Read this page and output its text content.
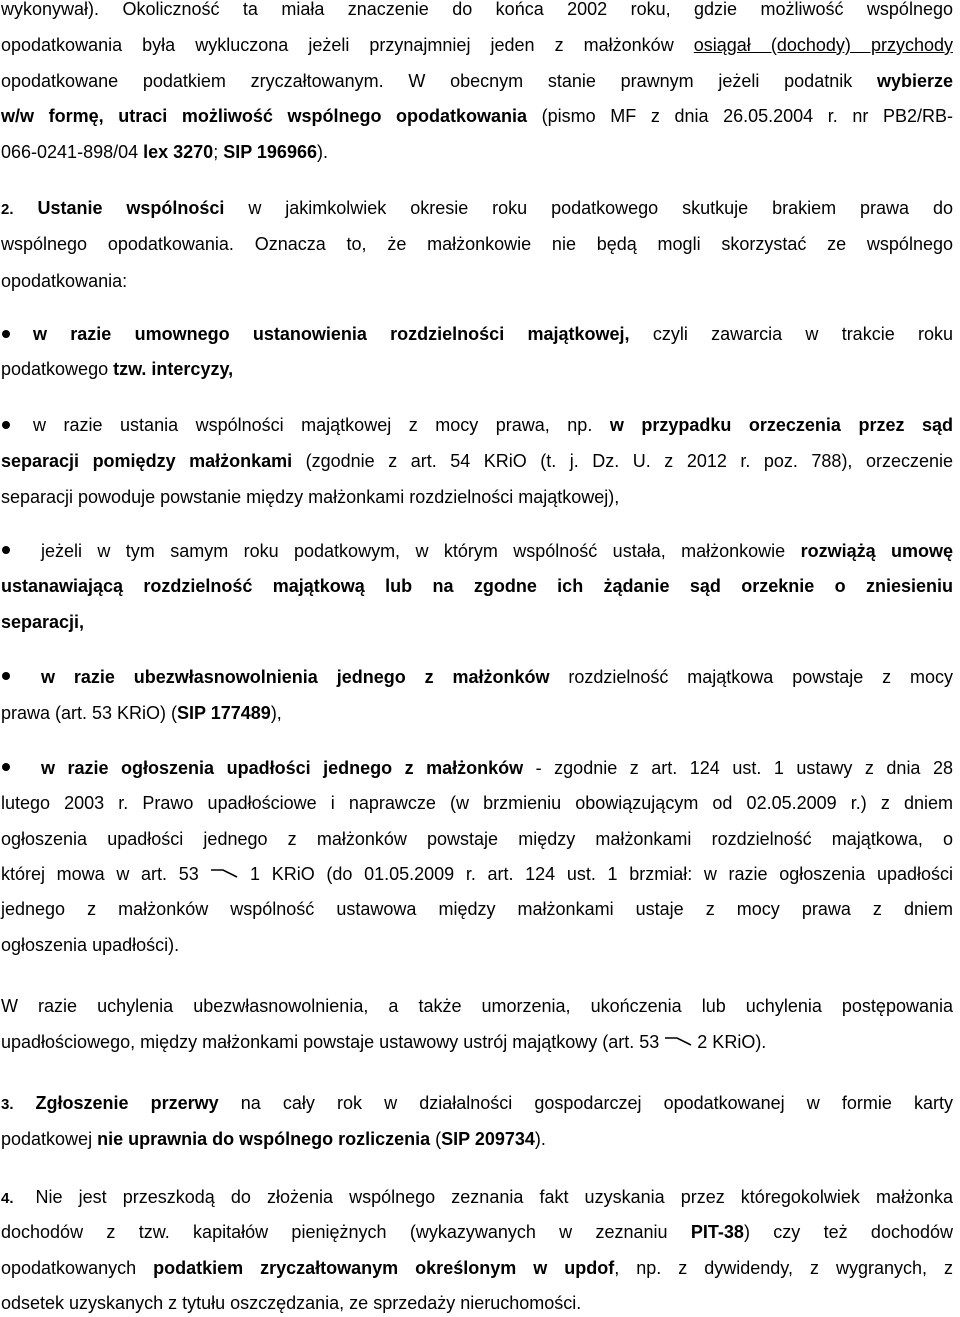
wykonywał). Okoliczność ta miała znaczenie do końca 2002 roku, gdzie możliwość wspólnego
opodatkowania była wykluczona jeżeli przynajmniej jeden z małżonków osiągał (dochody) przychody
opodatkowane podatkiem zryczałtowanym. W obecnym stanie prawnym jeżeli podatnik wybierze
w/w formę, utraci możliwość wspólnego opodatkowania (pismo MF z dnia 26.05.2004 r. nr PB2/RB-
066-0241-898/04 lex 3270; SIP 196966).
2. Ustanie wspólności w jakimkolwiek okresie roku podatkowego skutkuje brakiem prawa do
wspólnego opodatkowania. Oznacza to, że małżonkowie nie będą mogli skorzystać ze wspólnego
opodatkowania:
w razie umownego ustanowienia rozdzielności majątkowej, czyli zawarcia w trakcie roku
podatkowego tzw. intercyzy,
w razie ustania wspólności majątkowej z mocy prawa, np. w przypadku orzeczenia przez sąd
separacji pomiędzy małżonkami (zgodnie z art. 54 KRiO (t. j. Dz. U. z 2012 r. poz. 788), orzeczenie
separacji powoduje powstanie między małżonkami rozdzielności majątkowej),
jeżeli w tym samym roku podatkowym, w którym wspólność ustała, małżonkowie rozwiążą umowę
ustanawiającą rozdzielność majątkową lub na zgodne ich żądanie sąd orzeknie o zniesieniu
separacji,
w razie ubezwłasnowolnienia jednego z małżonków rozdzielność majątkowa powstaje z mocy
prawa (art. 53 KRiO) (SIP 177489),
w razie ogłoszenia upadłości jednego z małżonków - zgodnie z art. 124 ust. 1 ustawy z dnia 28
lutego 2003 r. Prawo upadłościowe i naprawcze (w brzmieniu obowiązującym od 02.05.2009 r.) z dniem
ogłoszenia upadłości jednego z małżonków powstaje między małżonkami rozdzielność majątkowa, o
której mowa w art. 53
1 KRiO (do 01.05.2009 r. art. 124 ust. 1 brzmiał: w razie ogłoszenia upadłości
jednego z małżonków wspólność ustawowa między małżonkami ustaje z mocy prawa z dniem
ogłoszenia upadłości).
W razie uchylenia ubezwłasnowolnienia, a także umorzenia, ukończenia lub uchylenia postępowania
upadłościowego, między małżonkami powstaje ustawowy ustrój majątkowy (art. 53
2 KRiO).
3. Zgłoszenie przerwy na cały rok w działalności gospodarczej opodatkowanej w formie karty
podatkowej nie uprawnia do wspólnego rozliczenia (SIP 209734).
4. Nie jest przeszkodą do złożenia wspólnego zeznania fakt uzyskania przez któregokolwiek małżonka
dochodów z tzw. kapitałów pieniężnych (wykazywanych w zeznaniu PIT-38) czy też dochodów
opodatkowanych podatkiem zryczałtowanym określonym w updof, np. z dywidendy, z wygranych, z
odsetek uzyskanych z tytułu oszczędzania, ze sprzedaży nieruchomości.
